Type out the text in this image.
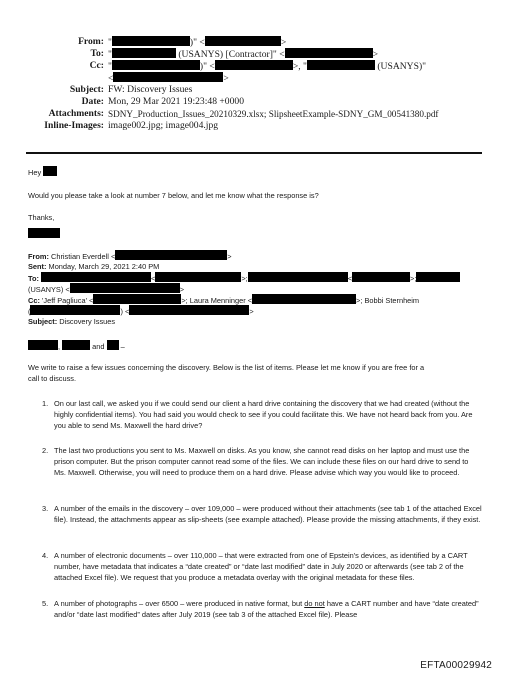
From: "	)" <	>
To: "	(USANYS) [Contractor]" <	>
Cc: "	)" <	>, "	(USANYS)"
<	>
Subject: FW: Discovery Issues
Date: Mon, 29 Mar 2021 19:23:48 +0000
Attachments: SDNY_Production_Issues_20210329.xlsx; SlipsheetExample-SDNY_GM_00541380.pdf
Inline-Images: image002.jpg; image004.jpg
Hey
Would you please take a look at number 7 below, and let me know what the response is?
Thanks,
From: Christian Everdell <	>
Sent: Monday, March 29, 2021 2:40 PM
To:	<	>;	<	>;
(USANYS) <	>
Cc: 'Jeff Pagliuca' <	>; Laura Menninger <	>; Bobbi Sternheim
(	) <	>
Subject: Discovery Issues
,	and  –
We write to raise a few issues concerning the discovery. Below is the list of items. Please let me know if you are free for a
call to discuss.
1. On our last call, we asked you if we could send our client a hard drive containing the discovery that we had created (without the highly confidential items). You had said you would check to see if you could facilitate this. We have not heard back from you. Are you able to send Ms. Maxwell the hard drive?
2. The last two productions you sent to Ms. Maxwell on disks. As you know, she cannot read disks on her laptop and must use the prison computer. But the prison computer cannot read some of the files. We can include these files on our hard drive to send to Ms. Maxwell. Otherwise, you will need to produce them on a hard drive. Please advise which way you would like to proceed.
3. A number of the emails in the discovery – over 109,000 – were produced without their attachments (see tab 1 of the attached Excel file). Instead, the attachments appear as slip-sheets (see example attached). Please provide the missing attachments, if they exist.
4. A number of electronic documents – over 110,000 – that were extracted from one of Epstein's devices, as identified by a CART number, have metadata that indicates a “date created” or “date last modified” date in July 2020 or afterwards (see tab 2 of the attached Excel file). We request that you produce a metadata overlay with the original metadata for these files.
5. A number of photographs – over 6500 – were produced in native format, but do not have a CART number and have “date created” and/or “date last modified” dates after July 2019 (see tab 3 of the attached Excel file). Please
EFTA00029942
